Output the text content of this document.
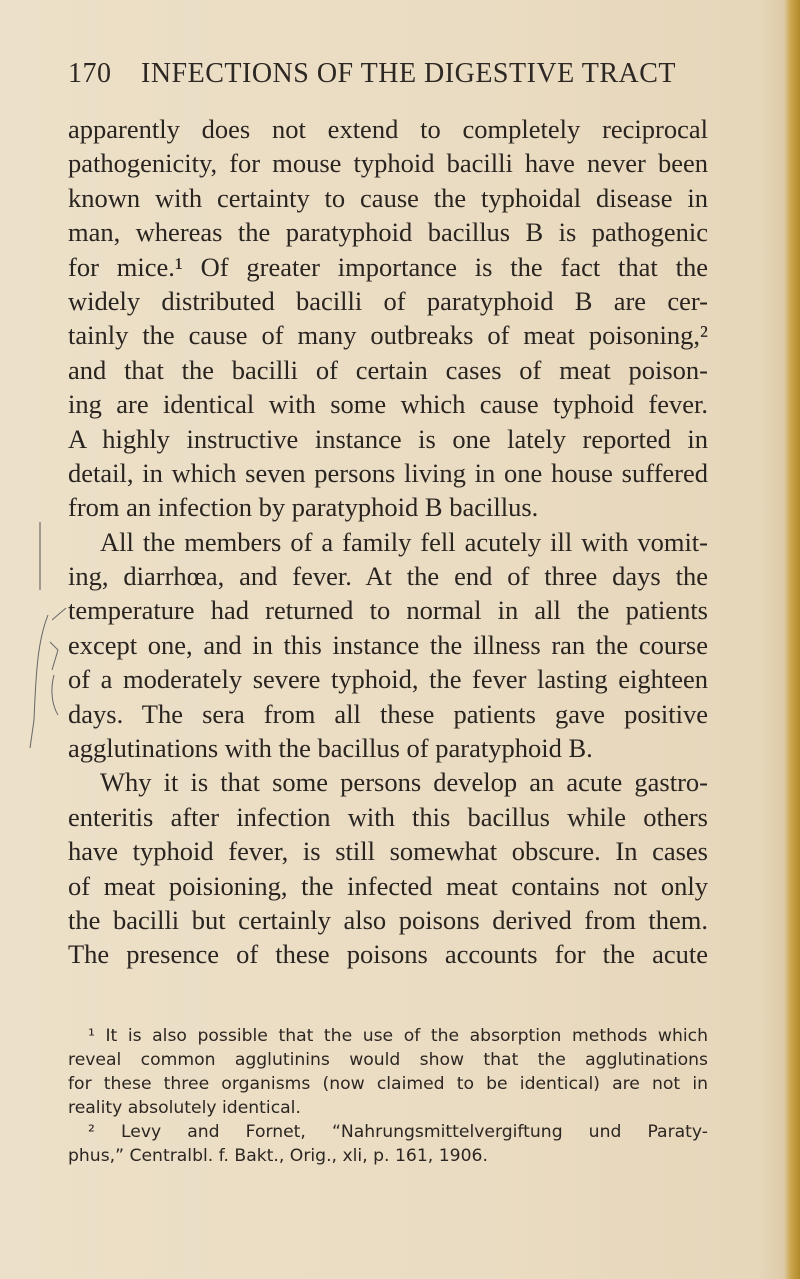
170 INFECTIONS OF THE DIGESTIVE TRACT
apparently does not extend to completely reciprocal
pathogenicity, for mouse typhoid bacilli have never been
known with certainty to cause the typhoidal disease in
man, whereas the paratyphoid bacillus B is pathogenic
for mice.¹ Of greater importance is the fact that the
widely distributed bacilli of paratyphoid B are cer-
tainly the cause of many outbreaks of meat poisoning,²
and that the bacilli of certain cases of meat poison-
ing are identical with some which cause typhoid fever.
A highly instructive instance is one lately reported in
detail, in which seven persons living in one house suffered
from an infection by paratyphoid B bacillus.
All the members of a family fell acutely ill with vomit-
ing, diarrhœa, and fever. At the end of three days the
temperature had returned to normal in all the patients
except one, and in this instance the illness ran the course
of a moderately severe typhoid, the fever lasting eighteen
days. The sera from all these patients gave positive
agglutinations with the bacillus of paratyphoid B.
Why it is that some persons develop an acute gastro-
enteritis after infection with this bacillus while others
have typhoid fever, is still somewhat obscure. In cases
of meat poisioning, the infected meat contains not only
the bacilli but certainly also poisons derived from them.
The presence of these poisons accounts for the acute
¹ It is also possible that the use of the absorption methods which
reveal common agglutinins would show that the agglutinations
for these three organisms (now claimed to be identical) are not in
reality absolutely identical.
² Levy and Fornet, “Nahrungsmittelvergiftung und Paraty-
phus,” Centralbl. f. Bakt., Orig., xli, p. 161, 1906.
